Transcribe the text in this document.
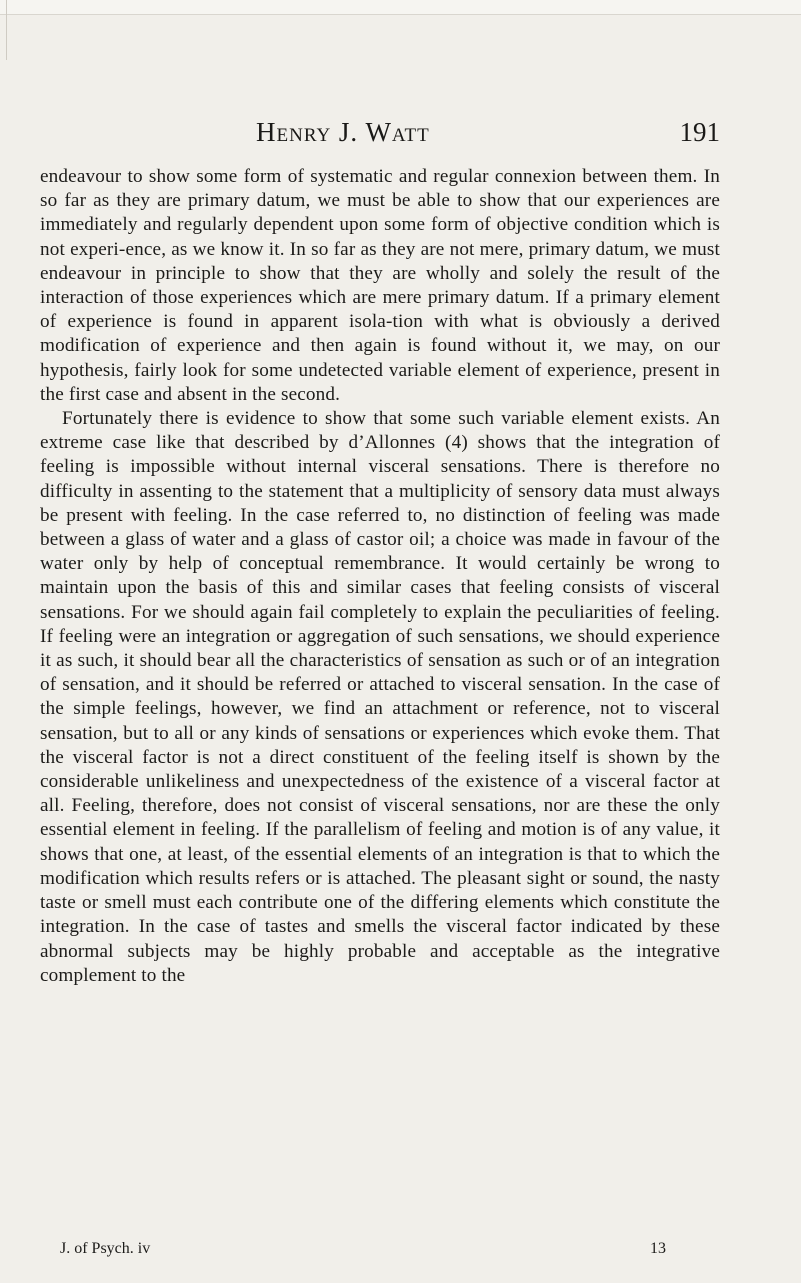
Henry J. Watt	191

endeavour to show some form of systematic and regular connexion between them. In so far as they are primary datum, we must be able to show that our experiences are immediately and regularly dependent upon some form of objective condition which is not experi-ence, as we know it. In so far as they are not mere, primary datum, we must endeavour in principle to show that they are wholly and solely the result of the interaction of those experiences which are mere primary datum. If a primary element of experience is found in apparent isola-tion with what is obviously a derived modification of experience and then again is found without it, we may, on our hypothesis, fairly look for some undetected variable element of experience, present in the first case and absent in the second.

Fortunately there is evidence to show that some such variable element exists. An extreme case like that described by d’Allonnes (4) shows that the integration of feeling is impossible without internal visceral sensations. There is therefore no difficulty in assenting to the statement that a multiplicity of sensory data must always be present with feeling. In the case referred to, no distinction of feeling was made between a glass of water and a glass of castor oil; a choice was made in favour of the water only by help of conceptual remembrance. It would certainly be wrong to maintain upon the basis of this and similar cases that feeling consists of visceral sensations. For we should again fail completely to explain the peculiarities of feeling. If feeling were an integration or aggregation of such sensations, we should experience it as such, it should bear all the characteristics of sensation as such or of an integration of sensation, and it should be referred or attached to visceral sensation. In the case of the simple feelings, however, we find an attachment or reference, not to visceral sensation, but to all or any kinds of sensations or experiences which evoke them. That the visceral factor is not a direct constituent of the feeling itself is shown by the considerable unlikeliness and unexpectedness of the existence of a visceral factor at all. Feeling, therefore, does not consist of visceral sensations, nor are these the only essential element in feeling. If the parallelism of feeling and motion is of any value, it shows that one, at least, of the essential elements of an integration is that to which the modification which results refers or is attached. The pleasant sight or sound, the nasty taste or smell must each contribute one of the differing elements which constitute the integration. In the case of tastes and smells the visceral factor indicated by these abnormal subjects may be highly probable and acceptable as the integrative complement to the

J. of Psych. iv	13
